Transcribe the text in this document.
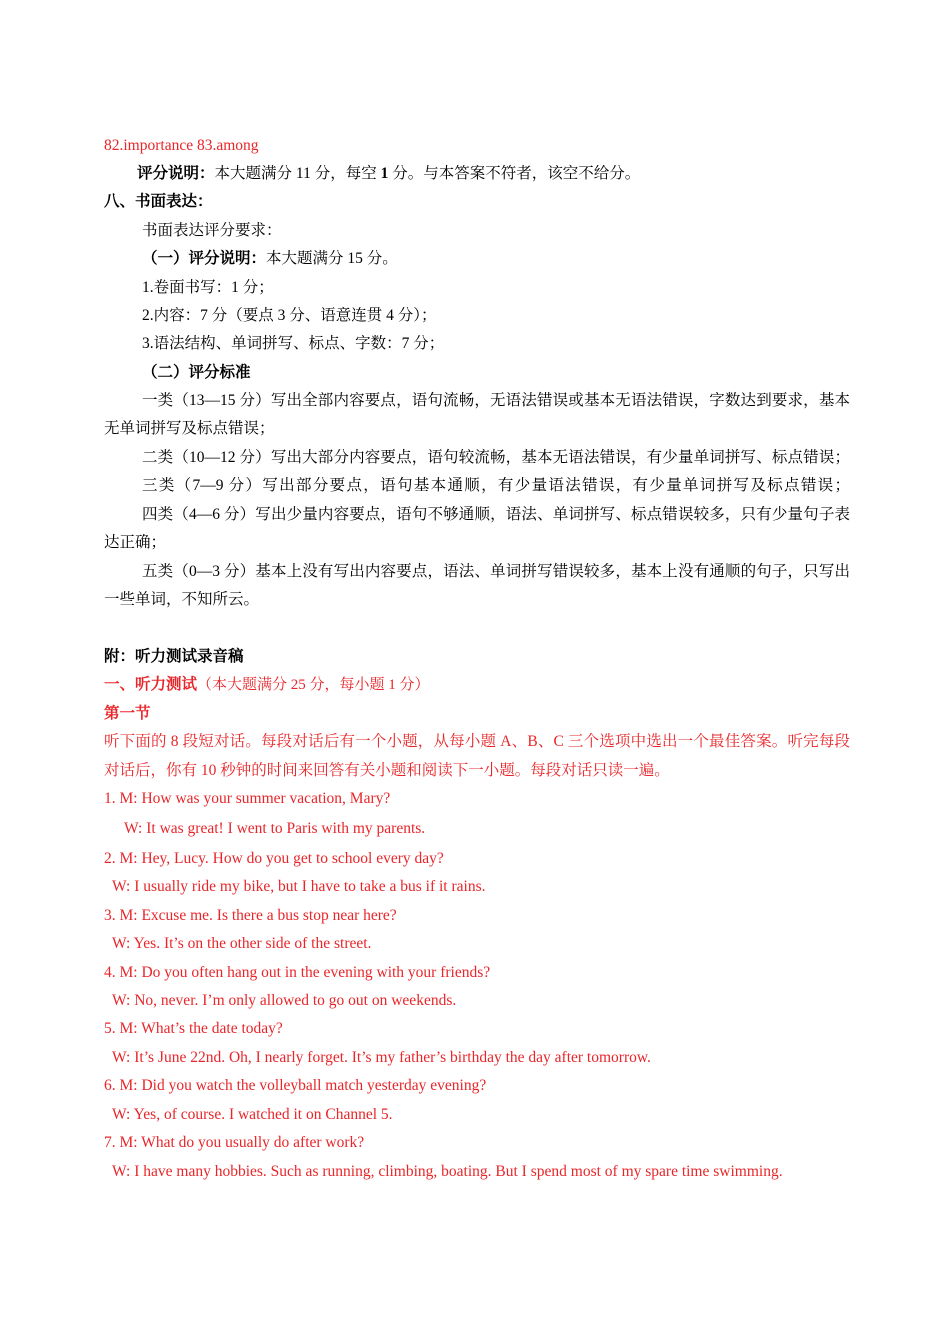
82.importance 83.among
评分说明：本大题满分 11 分，每空 1 分。与本答案不符者，该空不给分。
八、书面表达：
书面表达评分要求：
（一）评分说明：本大题满分 15 分。
1.卷面书写：1 分；
2.内容：7 分（要点 3 分、语意连贯 4 分）；
3.语法结构、单词拼写、标点、字数：7 分；
（二）评分标准
一类（13—15 分）写出全部内容要点，语句流畅，无语法错误或基本无语法错误，字数达到要求，基本
无单词拼写及标点错误；
二类（10—12 分）写出大部分内容要点，语句较流畅，基本无语法错误，有少量单词拼写、标点错误；
三类（7—9 分）写出部分要点，语句基本通顺，有少量语法错误，有少量单词拼写及标点错误；
四类（4—6 分）写出少量内容要点，语句不够通顺，语法、单词拼写、标点错误较多，只有少量句子表
达正确；
五类（0—3 分）基本上没有写出内容要点，语法、单词拼写错误较多，基本上没有通顺的句子，只写出
一些单词，不知所云。
附：听力测试录音稿
一、听力测试（本大题满分 25 分，每小题 1 分）
第一节
听下面的 8 段短对话。每段对话后有一个小题，从每小题 A、B、C 三个选项中选出一个最佳答案。听完每段
对话后，你有 10 秒钟的时间来回答有关小题和阅读下一小题。每段对话只读一遍。
1. M: How was your summer vacation, Mary?
W: It was great! I went to Paris with my parents.
2. M: Hey, Lucy. How do you get to school every day?
W: I usually ride my bike, but I have to take a bus if it rains.
3. M: Excuse me. Is there a bus stop near here?
W: Yes. It’s on the other side of the street.
4. M: Do you often hang out in the evening with your friends?
W: No, never. I’m only allowed to go out on weekends.
5. M: What’s the date today?
W: It’s June 22nd. Oh, I nearly forget. It’s my father’s birthday the day after tomorrow.
6. M: Did you watch the volleyball match yesterday evening?
W: Yes, of course. I watched it on Channel 5.
7. M: What do you usually do after work?
W: I have many hobbies. Such as running, climbing, boating. But I spend most of my spare time swimming.
